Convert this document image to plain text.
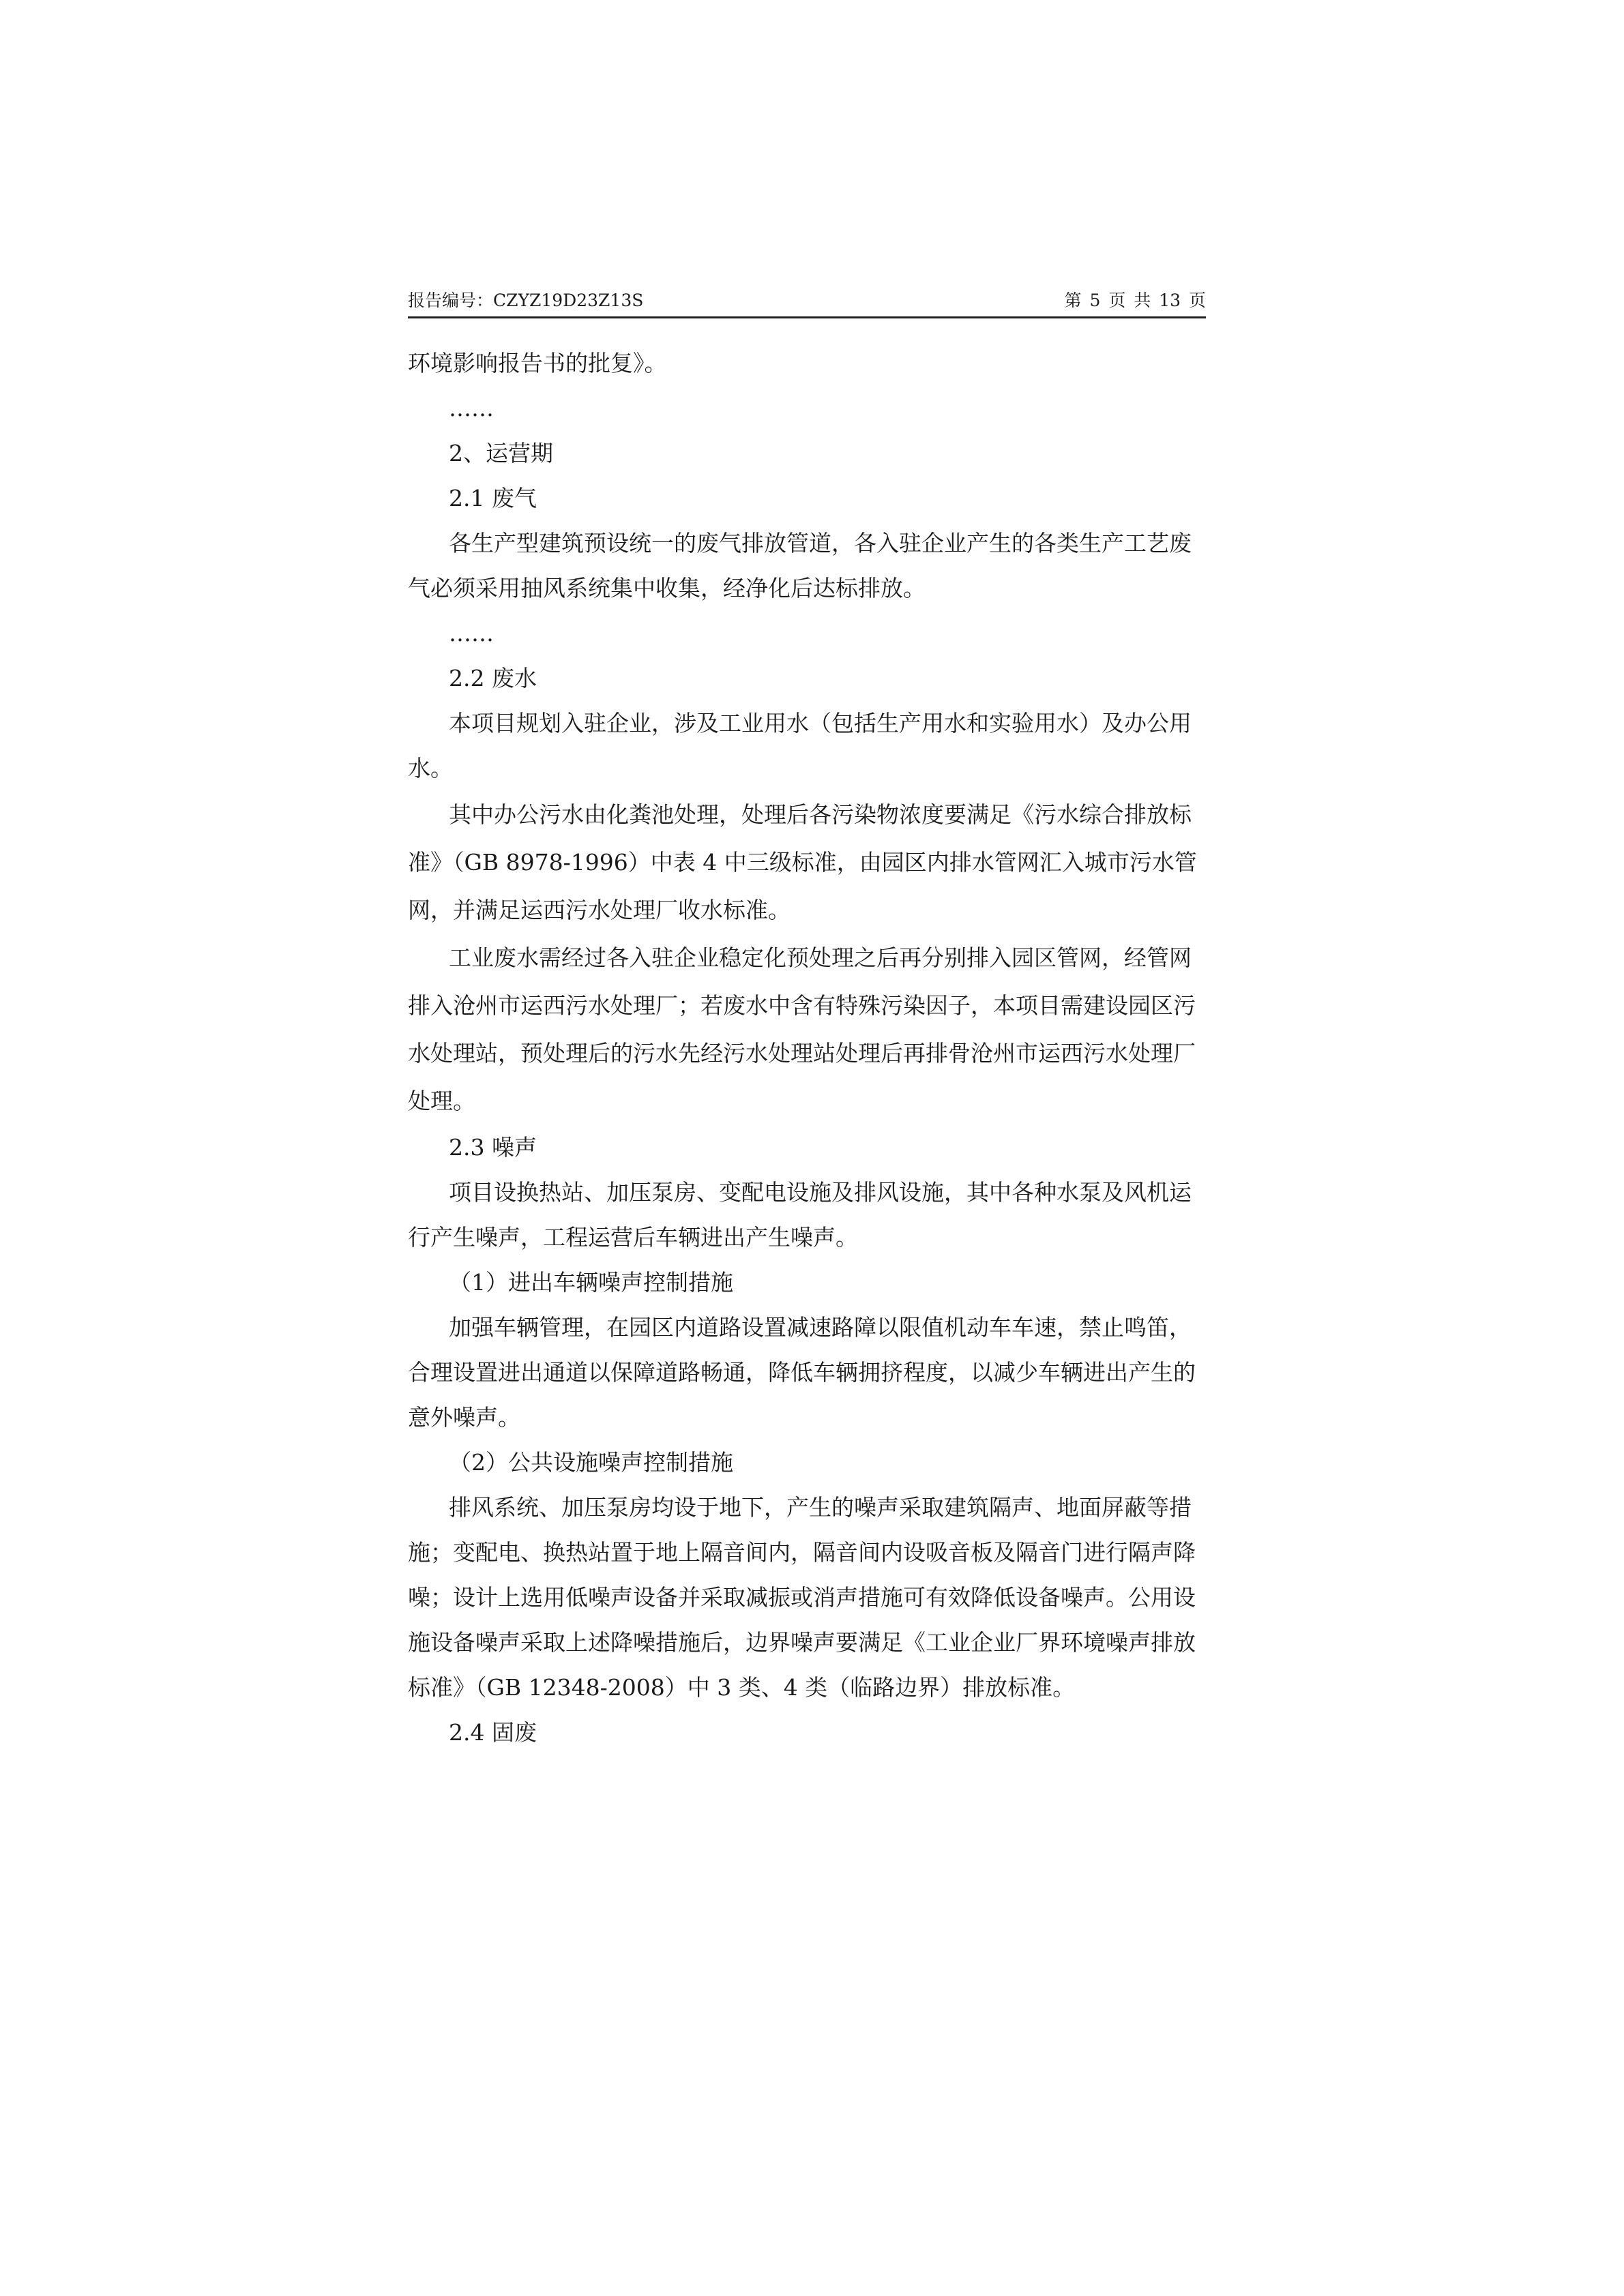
报告编号：CZYZ19D23Z13S	第 5 页 共 13 页

环境影响报告书的批复》。

……

2、运营期

2.1 废气

各生产型建筑预设统一的废气排放管道，各入驻企业产生的各类生产工艺废气必须采用抽风系统集中收集，经净化后达标排放。

……

2.2 废水

本项目规划入驻企业，涉及工业用水（包括生产用水和实验用水）及办公用水。

其中办公污水由化粪池处理，处理后各污染物浓度要满足《污水综合排放标准》（GB 8978-1996）中表 4 中三级标准，由园区内排水管网汇入城市污水管网，并满足运西污水处理厂收水标准。

工业废水需经过各入驻企业稳定化预处理之后再分别排入园区管网，经管网排入沧州市运西污水处理厂；若废水中含有特殊污染因子，本项目需建设园区污水处理站，预处理后的污水先经污水处理站处理后再排骨沧州市运西污水处理厂处理。

2.3 噪声

项目设换热站、加压泵房、变配电设施及排风设施，其中各种水泵及风机运行产生噪声，工程运营后车辆进出产生噪声。

（1）进出车辆噪声控制措施

加强车辆管理，在园区内道路设置减速路障以限值机动车车速，禁止鸣笛，合理设置进出通道以保障道路畅通，降低车辆拥挤程度，以减少车辆进出产生的意外噪声。

（2）公共设施噪声控制措施

排风系统、加压泵房均设于地下，产生的噪声采取建筑隔声、地面屏蔽等措施；变配电、换热站置于地上隔音间内，隔音间内设吸音板及隔音门进行隔声降噪；设计上选用低噪声设备并采取减振或消声措施可有效降低设备噪声。公用设施设备噪声采取上述降噪措施后，边界噪声要满足《工业企业厂界环境噪声排放标准》（GB 12348-2008）中 3 类、4 类（临路边界）排放标准。

2.4 固废
